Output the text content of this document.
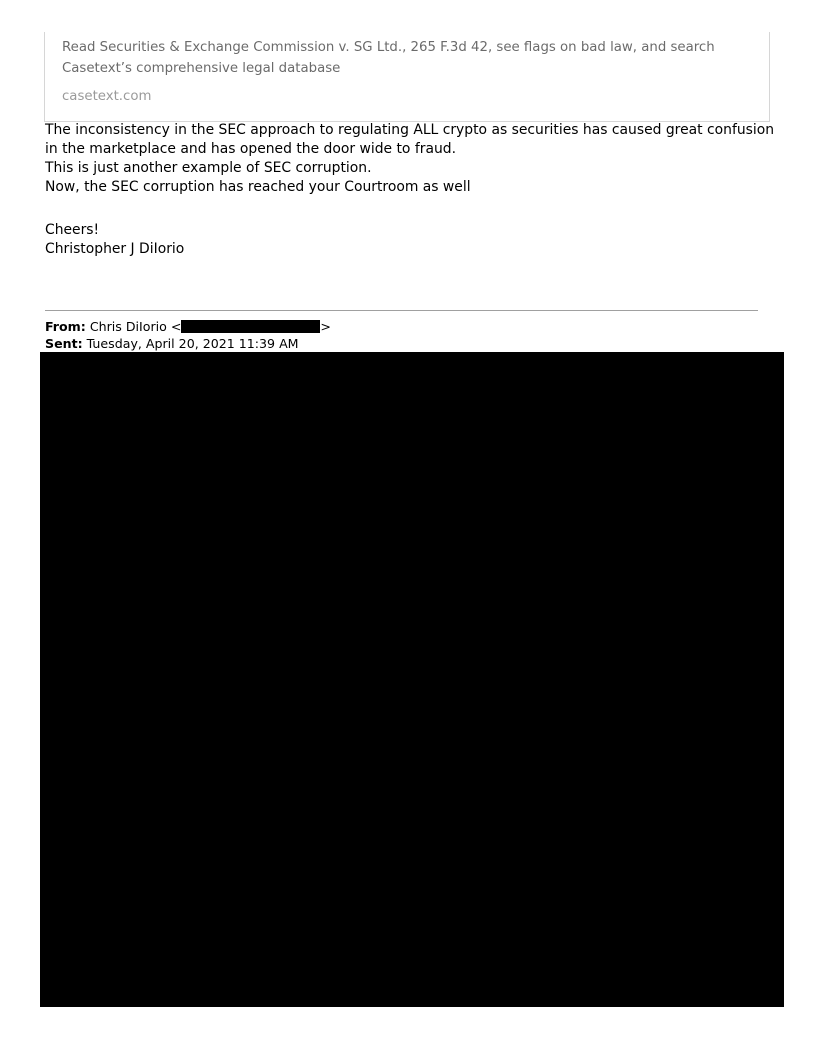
Read Securities & Exchange Commission v. SG Ltd., 265 F.3d 42, see flags on bad law, and search Casetext’s comprehensive legal database
casetext.com
The inconsistency in the SEC approach to regulating ALL crypto as securities has caused great confusion in the marketplace and has opened the door wide to fraud.
This is just another example of SEC corruption.
Now, the SEC corruption has reached your Courtroom as well
Cheers!
Christopher J DiIorio
From: Chris DiIorio <	>
Sent: Tuesday, April 20, 2021 11:39 AM
